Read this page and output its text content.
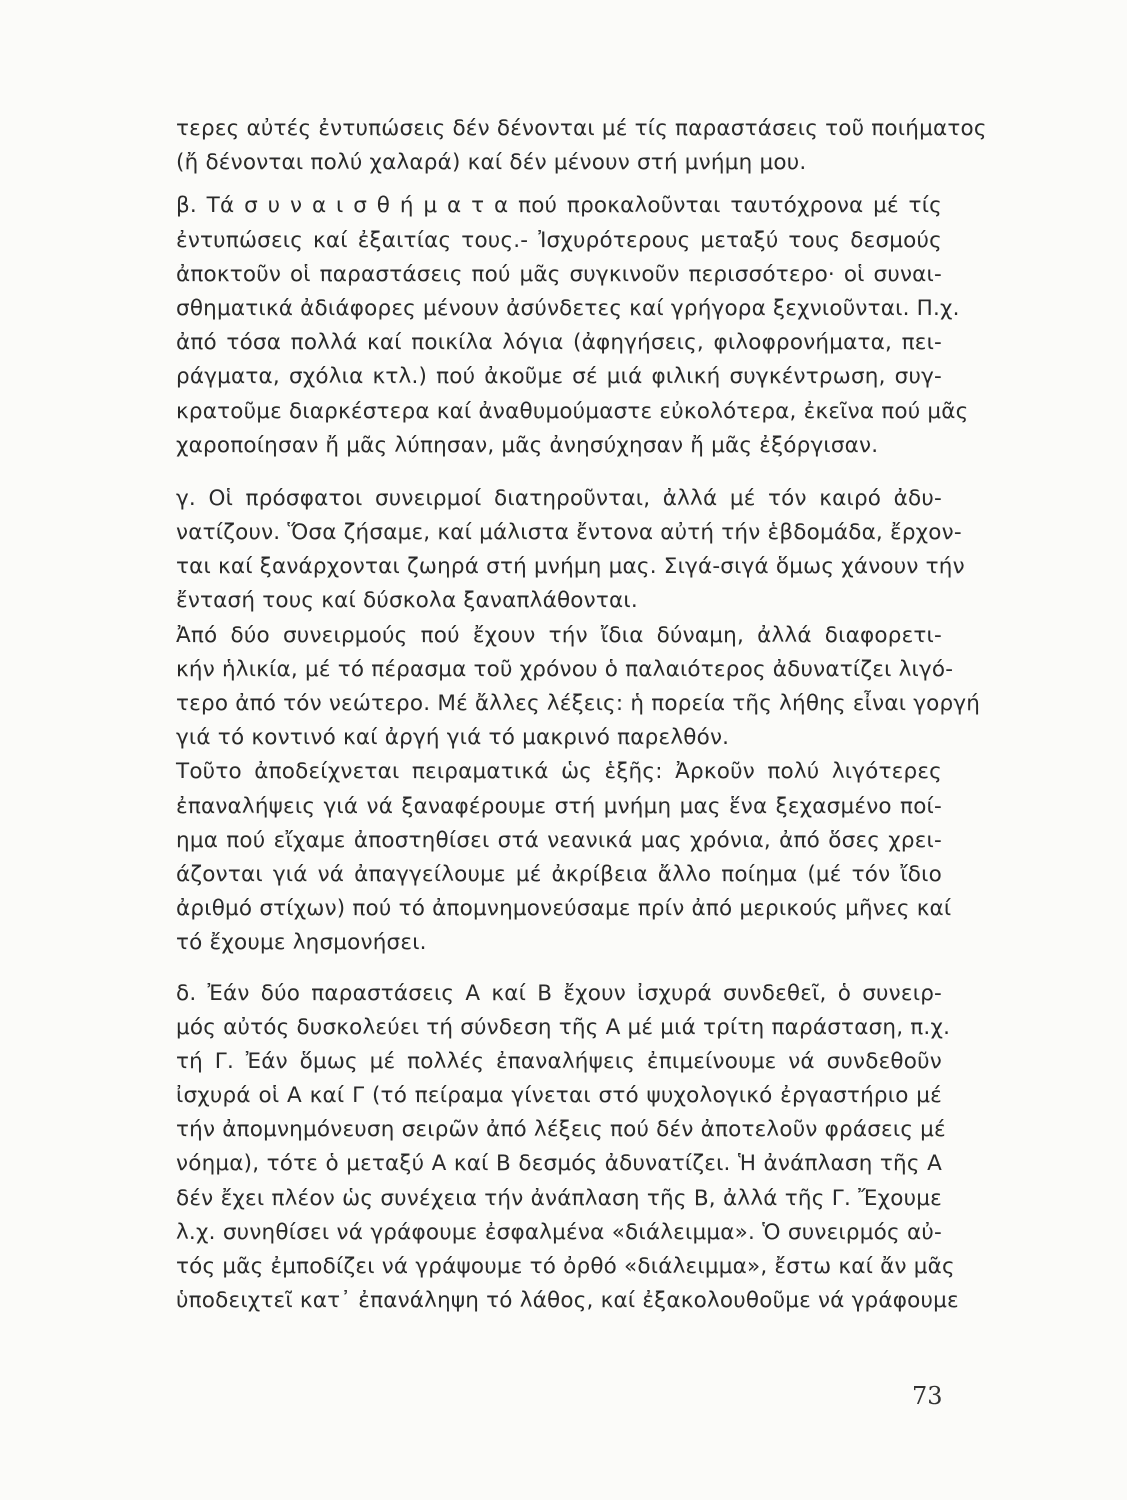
τερες αὐτές ἐντυπώσεις δέν δένονται μέ τίς παραστάσεις τοῦ ποιήματος
(ἤ δένονται πολύ χαλαρά) καί δέν μένουν στή μνήμη μου.
β. Τά σ υ ν α ι σ θ ή μ α τ α πού προκαλοῦνται ταυτόχρονα μέ τίς
ἐντυπώσεις καί ἐξαιτίας τους.- Ἰσχυρότερους μεταξύ τους δεσμούς
ἀποκτοῦν οἱ παραστάσεις πού μᾶς συγκινοῦν περισσότερο· οἱ συναι-
σθηματικά ἀδιάφορες μένουν ἀσύνδετες καί γρήγορα ξεχνιοῦνται. Π.χ.
ἀπό τόσα πολλά καί ποικίλα λόγια (ἀφηγήσεις, φιλοφρονήματα, πει-
ράγματα, σχόλια κτλ.) πού ἀκοῦμε σέ μιά φιλική συγκέντρωση, συγ-
κρατοῦμε διαρκέστερα καί ἀναθυμούμαστε εὐκολότερα, ἐκεῖνα πού μᾶς
χαροποίησαν ἤ μᾶς λύπησαν, μᾶς ἀνησύχησαν ἤ μᾶς ἐξόργισαν.
γ. Οἱ πρόσφατοι συνειρμοί διατηροῦνται, ἀλλά μέ τόν καιρό ἀδυ-
νατίζουν. Ὅσα ζήσαμε, καί μάλιστα ἔντονα αὐτή τήν ἑβδομάδα, ἔρχον-
ται καί ξανάρχονται ζωηρά στή μνήμη μας. Σιγά-σιγά ὅμως χάνουν τήν
ἔντασή τους καί δύσκολα ξαναπλάθονται.
Ἀπό δύο συνειρμούς πού ἔχουν τήν ἴδια δύναμη, ἀλλά διαφορετι-
κήν ἡλικία, μέ τό πέρασμα τοῦ χρόνου ὁ παλαιότερος ἀδυνατίζει λιγό-
τερο ἀπό τόν νεώτερο. Μέ ἄλλες λέξεις: ἡ πορεία τῆς λήθης εἶναι γοργή
γιά τό κοντινό καί ἀργή γιά τό μακρινό παρελθόν.
Τοῦτο ἀποδείχνεται πειραματικά ὡς ἑξῆς: Ἀρκοῦν πολύ λιγότερες
ἐπαναλήψεις γιά νά ξαναφέρουμε στή μνήμη μας ἕνα ξεχασμένο ποί-
ημα πού εἴχαμε ἀποστηθίσει στά νεανικά μας χρόνια, ἀπό ὅσες χρει-
άζονται γιά νά ἀπαγγείλουμε μέ ἀκρίβεια ἄλλο ποίημα (μέ τόν ἴδιο
ἀριθμό στίχων) πού τό ἀπομνημονεύσαμε πρίν ἀπό μερικούς μῆνες καί
τό ἔχουμε λησμονήσει.
δ. Ἐάν δύο παραστάσεις Α καί Β ἔχουν ἰσχυρά συνδεθεῖ, ὁ συνειρ-
μός αὐτός δυσκολεύει τή σύνδεση τῆς Α μέ μιά τρίτη παράσταση, π.χ.
τή Γ. Ἐάν ὅμως μέ πολλές ἐπαναλήψεις ἐπιμείνουμε νά συνδεθοῦν
ἰσχυρά οἱ Α καί Γ (τό πείραμα γίνεται στό ψυχολογικό ἐργαστήριο μέ
τήν ἀπομνημόνευση σειρῶν ἀπό λέξεις πού δέν ἀποτελοῦν φράσεις μέ
νόημα), τότε ὁ μεταξύ Α καί Β δεσμός ἀδυνατίζει. Ἡ ἀνάπλαση τῆς Α
δέν ἔχει πλέον ὡς συνέχεια τήν ἀνάπλαση τῆς Β, ἀλλά τῆς Γ. Ἔχουμε
λ.χ. συνηθίσει νά γράφουμε ἐσφαλμένα «διάλειμμα». Ὁ συνειρμός αὐ-
τός μᾶς ἐμποδίζει νά γράψουμε τό ὀρθό «διάλειμμα», ἔστω καί ἄν μᾶς
ὑποδειχτεῖ κατ᾽ ἐπανάληψη τό λάθος, καί ἐξακολουθοῦμε νά γράφουμε
73
